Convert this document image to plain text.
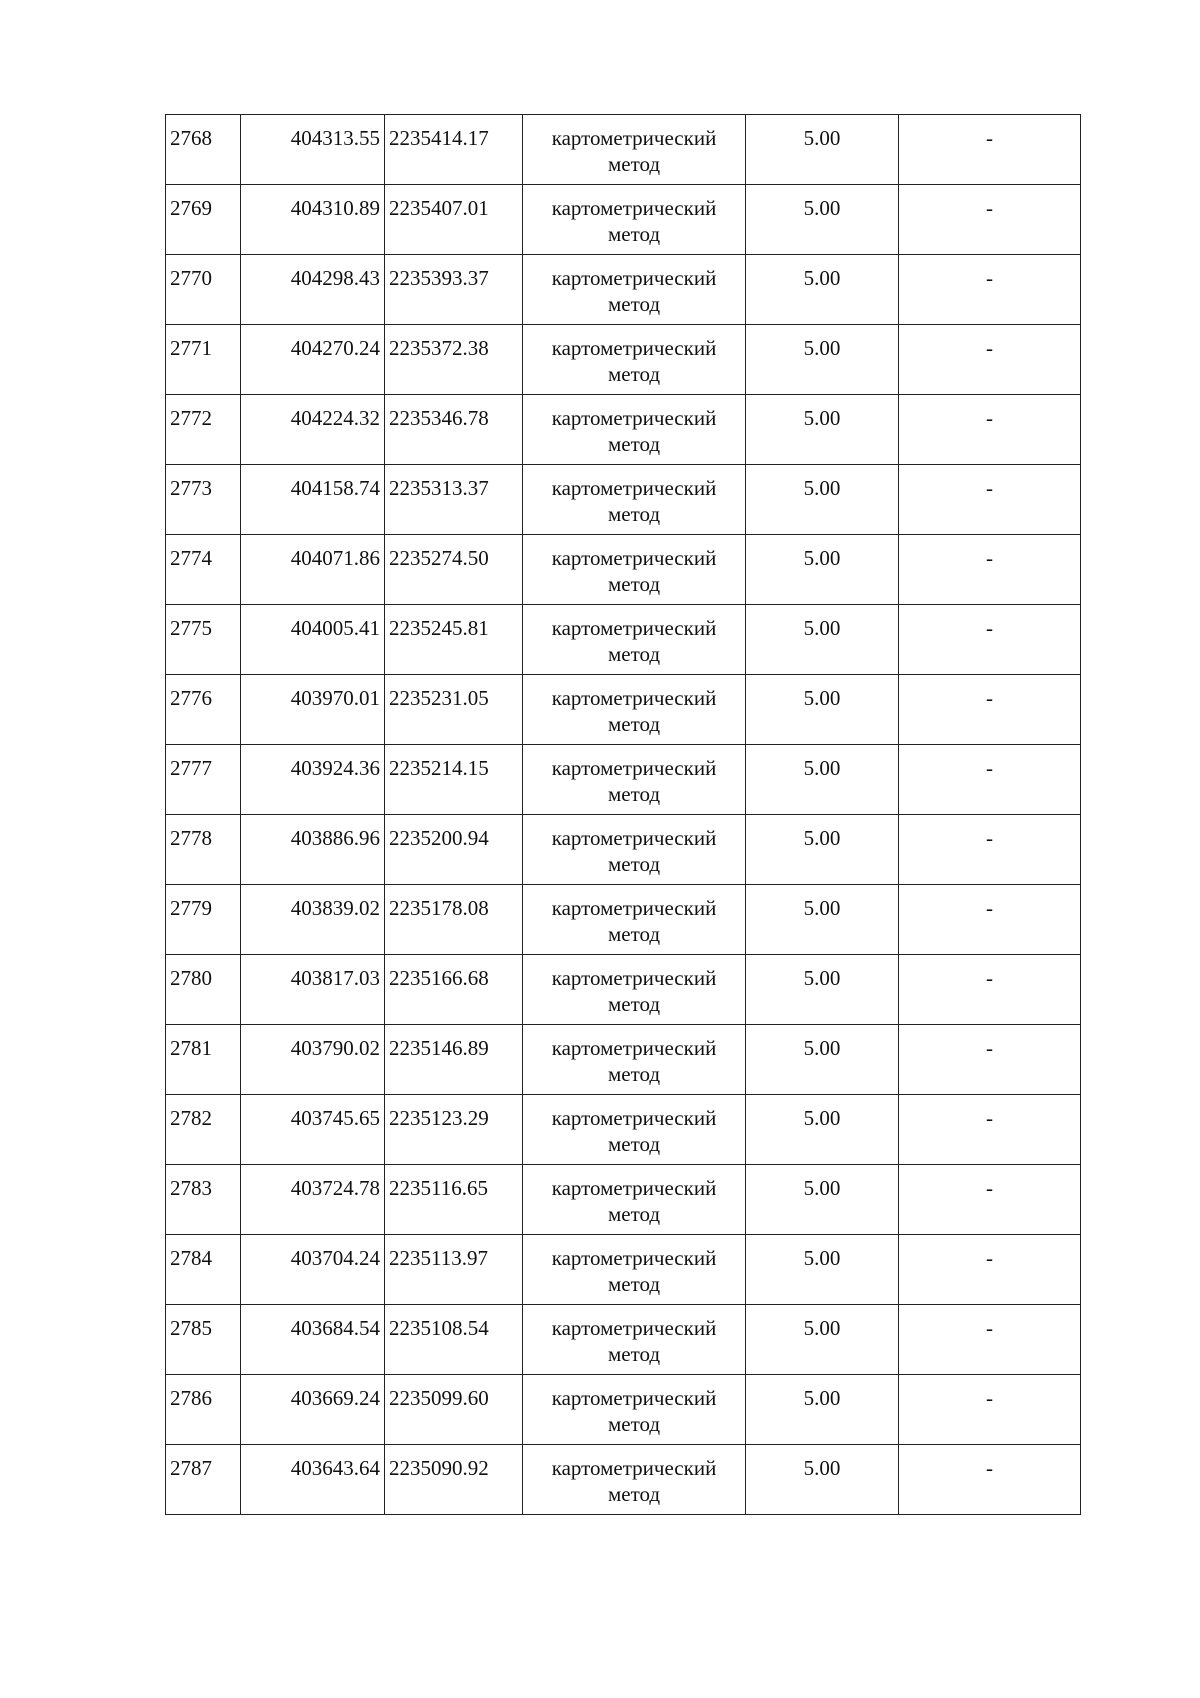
2768	404313.55	2235414.17	картометрический
метод	5.00	-
2769	404310.89	2235407.01	картометрический
метод	5.00	-
2770	404298.43	2235393.37	картометрический
метод	5.00	-
2771	404270.24	2235372.38	картометрический
метод	5.00	-
2772	404224.32	2235346.78	картометрический
метод	5.00	-
2773	404158.74	2235313.37	картометрический
метод	5.00	-
2774	404071.86	2235274.50	картометрический
метод	5.00	-
2775	404005.41	2235245.81	картометрический
метод	5.00	-
2776	403970.01	2235231.05	картометрический
метод	5.00	-
2777	403924.36	2235214.15	картометрический
метод	5.00	-
2778	403886.96	2235200.94	картометрический
метод	5.00	-
2779	403839.02	2235178.08	картометрический
метод	5.00	-
2780	403817.03	2235166.68	картометрический
метод	5.00	-
2781	403790.02	2235146.89	картометрический
метод	5.00	-
2782	403745.65	2235123.29	картометрический
метод	5.00	-
2783	403724.78	2235116.65	картометрический
метод	5.00	-
2784	403704.24	2235113.97	картометрический
метод	5.00	-
2785	403684.54	2235108.54	картометрический
метод	5.00	-
2786	403669.24	2235099.60	картометрический
метод	5.00	-
2787	403643.64	2235090.92	картометрический
метод	5.00	-
